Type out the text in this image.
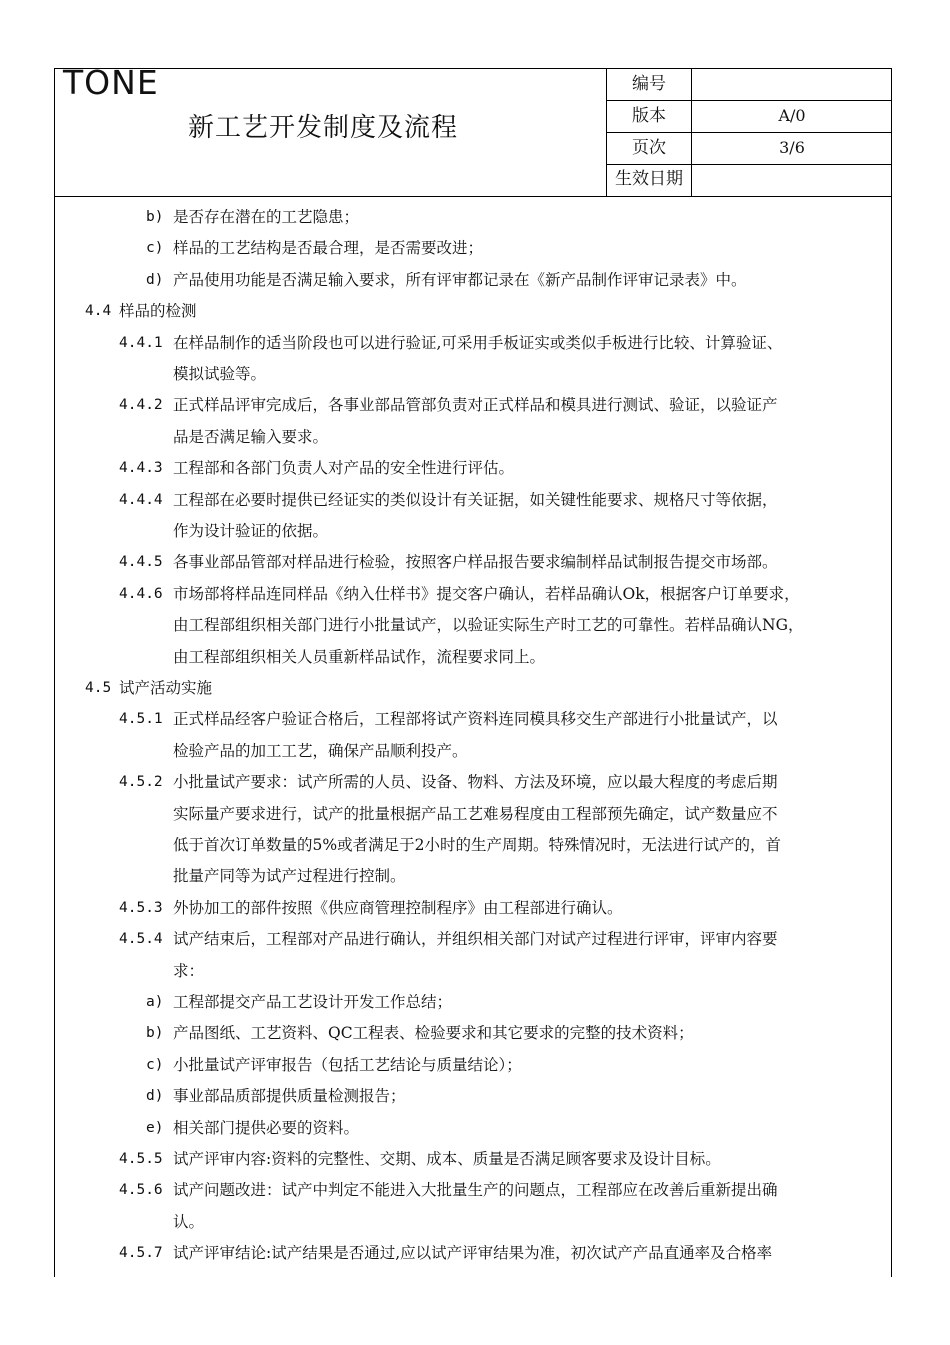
TONE
新工艺开发制度及流程
编号
版本	A/0
页次	3/6
生效日期
b) 是否存在潜在的工艺隐患；
c) 样品的工艺结构是否最合理，是否需要改进；
d) 产品使用功能是否满足输入要求，所有评审都记录在《新产品制作评审记录表》中。
4.4 样品的检测
4.4.1 在样品制作的适当阶段也可以进行验证,可采用手板证实或类似手板进行比较、计算验证、
模拟试验等。
4.4.2 正式样品评审完成后，各事业部品管部负责对正式样品和模具进行测试、验证，以验证产
品是否满足输入要求。
4.4.3 工程部和各部门负责人对产品的安全性进行评估。
4.4.4 工程部在必要时提供已经证实的类似设计有关证据，如关键性能要求、规格尺寸等依据，
作为设计验证的依据。
4.4.5 各事业部品管部对样品进行检验，按照客户样品报告要求编制样品试制报告提交市场部。
4.4.6 市场部将样品连同样品《纳入仕样书》提交客户确认，若样品确认Ok，根据客户订单要求，
由工程部组织相关部门进行小批量试产，以验证实际生产时工艺的可靠性。若样品确认NG，
由工程部组织相关人员重新样品试作，流程要求同上。
4.5 试产活动实施
4.5.1 正式样品经客户验证合格后，工程部将试产资料连同模具移交生产部进行小批量试产，以
检验产品的加工工艺，确保产品顺利投产。
4.5.2 小批量试产要求：试产所需的人员、设备、物料、方法及环境，应以最大程度的考虑后期
实际量产要求进行，试产的批量根据产品工艺难易程度由工程部预先确定，试产数量应不
低于首次订单数量的5%或者满足于2小时的生产周期。特殊情况时，无法进行试产的，首
批量产同等为试产过程进行控制。
4.5.3 外协加工的部件按照《供应商管理控制程序》由工程部进行确认。
4.5.4 试产结束后，工程部对产品进行确认，并组织相关部门对试产过程进行评审，评审内容要
求：
a) 工程部提交产品工艺设计开发工作总结；
b) 产品图纸、工艺资料、QC工程表、检验要求和其它要求的完整的技术资料；
c) 小批量试产评审报告（包括工艺结论与质量结论）；
d) 事业部品质部提供质量检测报告；
e) 相关部门提供必要的资料。
4.5.5 试产评审内容:资料的完整性、交期、成本、质量是否满足顾客要求及设计目标。
4.5.6 试产问题改进：试产中判定不能进入大批量生产的问题点，工程部应在改善后重新提出确
认。
4.5.7 试产评审结论:试产结果是否通过,应以试产评审结果为准，初次试产产品直通率及合格率
